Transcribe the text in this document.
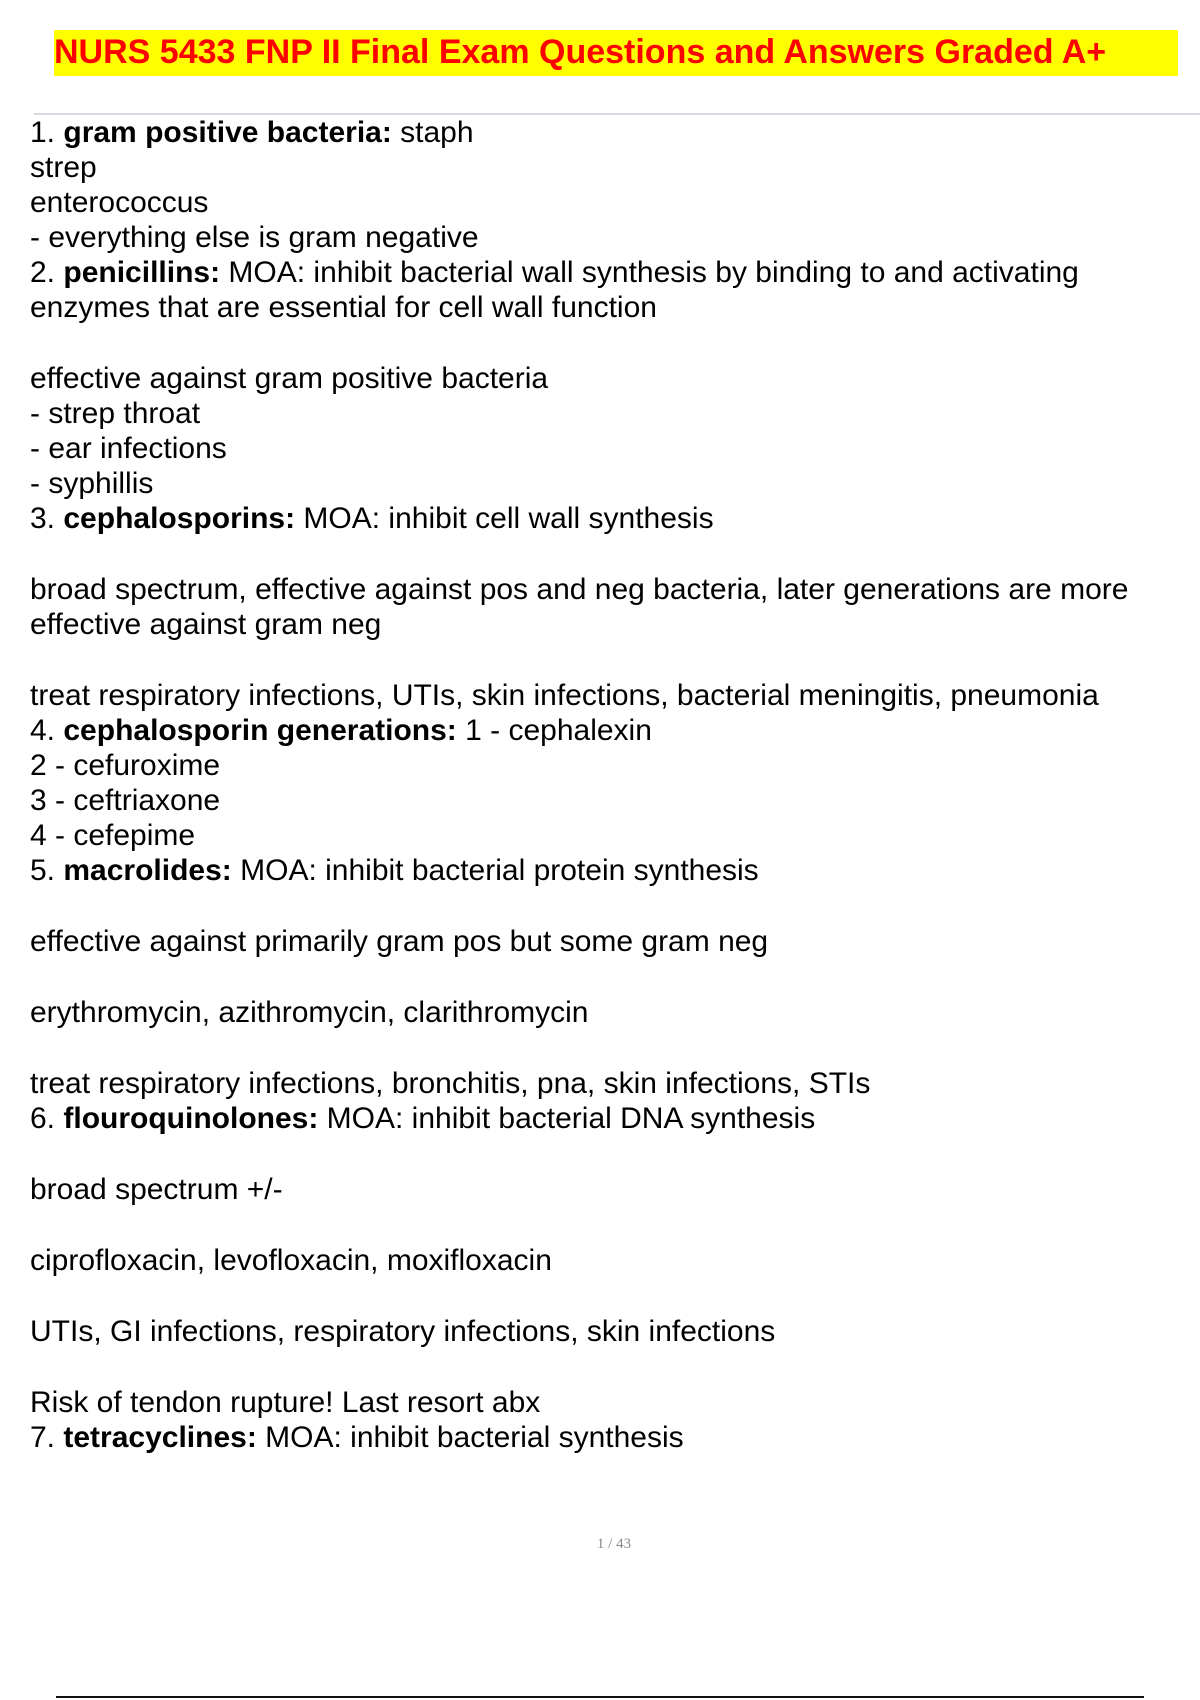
NURS 5433 FNP II Final Exam Questions and Answers Graded A+
1. gram positive bacteria: staph
strep
enterococcus
- everything else is gram negative
2. penicillins: MOA: inhibit bacterial wall synthesis by binding to and activating
enzymes that are essential for cell wall function
effective against gram positive bacteria
- strep throat
- ear infections
- syphillis
3. cephalosporins: MOA: inhibit cell wall synthesis
broad spectrum, effective against pos and neg bacteria, later generations are more
effective against gram neg
treat respiratory infections, UTIs, skin infections, bacterial meningitis, pneumonia
4. cephalosporin generations: 1 - cephalexin
2 - cefuroxime
3 - ceftriaxone
4 - cefepime
5. macrolides: MOA: inhibit bacterial protein synthesis
effective against primarily gram pos but some gram neg
erythromycin, azithromycin, clarithromycin
treat respiratory infections, bronchitis, pna, skin infections, STIs
6. flouroquinolones: MOA: inhibit bacterial DNA synthesis
broad spectrum +/-
ciprofloxacin, levofloxacin, moxifloxacin
UTIs, GI infections, respiratory infections, skin infections
Risk of tendon rupture! Last resort abx
7. tetracyclines: MOA: inhibit bacterial synthesis
1 / 43
